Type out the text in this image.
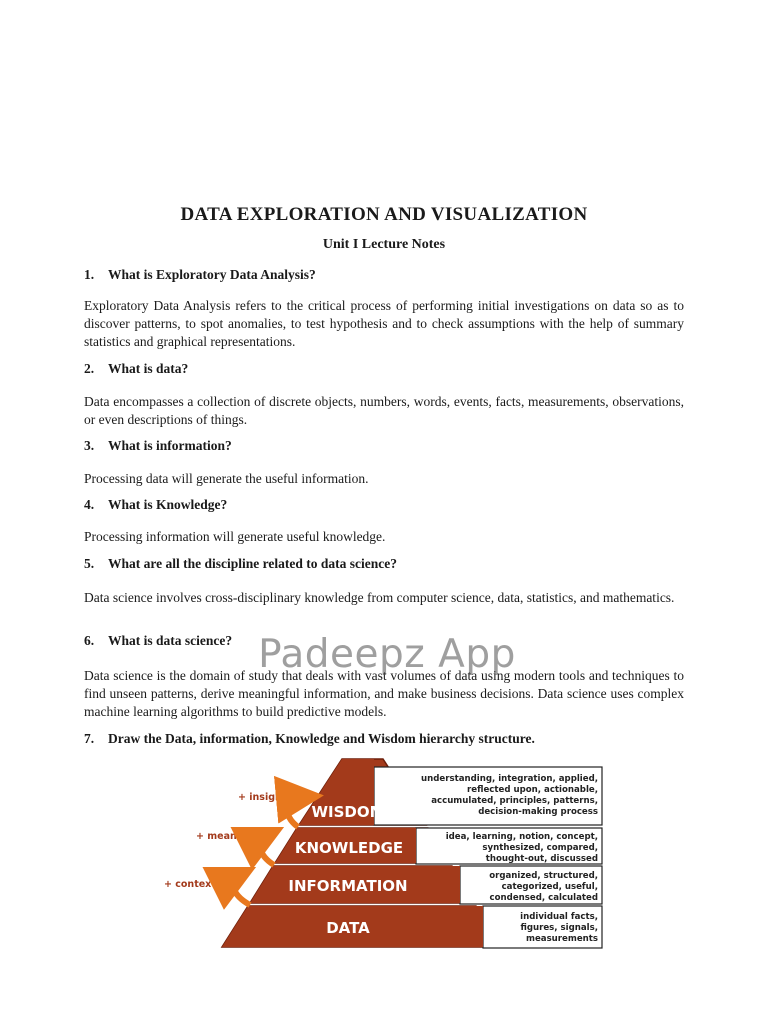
DATA EXPLORATION AND VISUALIZATION
Unit I Lecture Notes
1. What is Exploratory Data Analysis?
Exploratory Data Analysis refers to the critical process of performing initial investigations on data so as to discover patterns, to spot anomalies, to test hypothesis and to check assumptions with the help of summary statistics and graphical representations.
2. What is data?
Data encompasses a collection of discrete objects, numbers, words, events, facts, measurements, observations, or even descriptions of things.
3. What is information?
Processing data will generate the useful information.
4. What is Knowledge?
Processing information will generate useful knowledge.
5. What are all the discipline related to data science?
Data science involves cross-disciplinary knowledge from computer science, data, statistics, and mathematics.
6. What is data science?
Data science is the domain of study that deals with vast volumes of data using modern tools and techniques to find unseen patterns, derive meaningful information, and make business decisions. Data science uses complex machine learning algorithms to build predictive models.
7. Draw the Data, information, Knowledge and Wisdom hierarchy structure.
Padeepz App
WISDOM
KNOWLEDGE
INFORMATION
DATA
+ insight
+ meaning
+ context
understanding, integration, applied,
reflected upon, actionable,
accumulated, principles, patterns,
decision-making process
idea, learning, notion, concept,
synthesized, compared,
thought-out, discussed
organized, structured,
categorized, useful,
condensed, calculated
individual facts,
figures, signals,
measurements
